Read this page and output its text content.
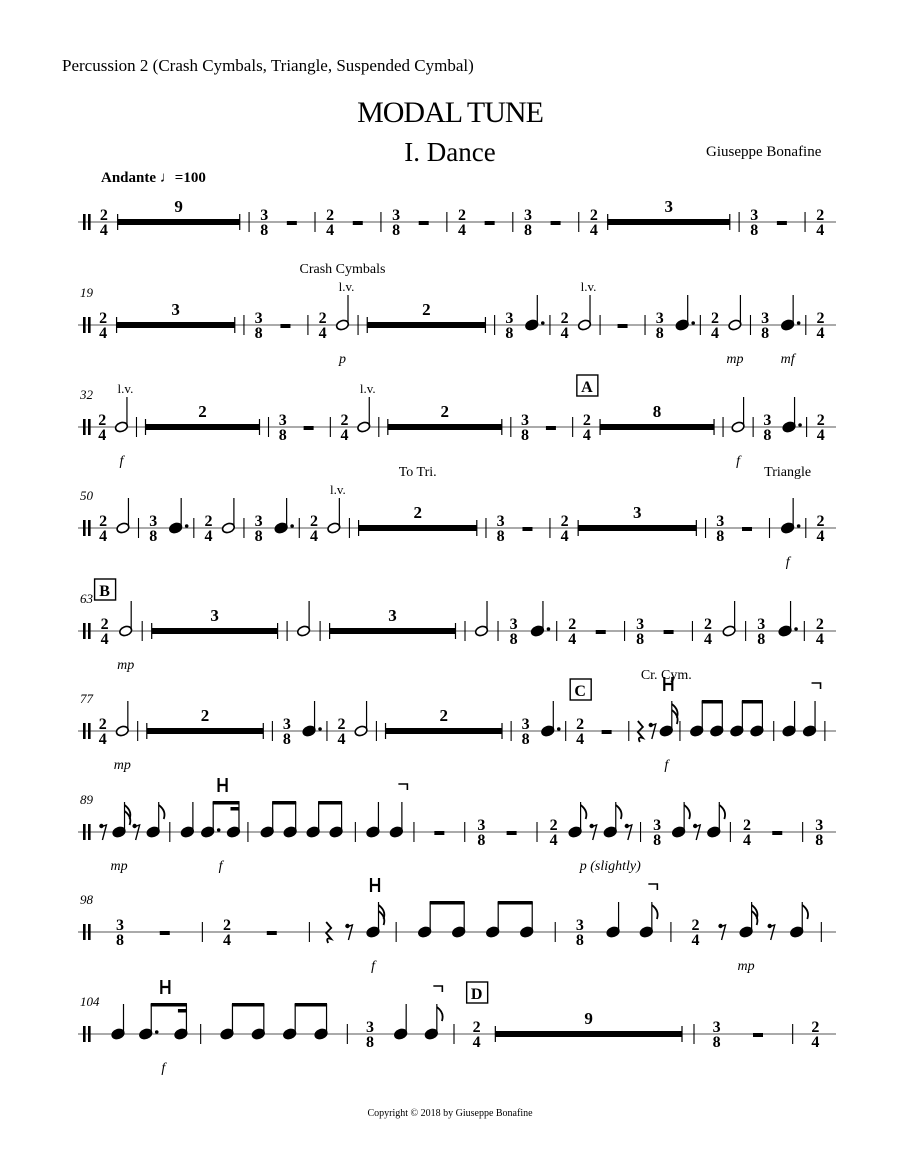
Percussion 2 (Crash Cymbals, Triangle, Suspended Cymbal)
MODAL TUNE
I. Dance	Giuseppe Bonafine
Andante ♩=100
2
4
9	3
8
2
4
3
8
2
4
3
8
2
4
3	3
8
2
4
19
2
4
3	3
8
2
4
l.v.
Crash Cymbals
p
2	3
8
2
4
l.v.
3
8
2
4
mp
3
8
mf
2
4
32
2
4
l.v.
f
2	3
8
2
4
l.v.
2	3
8
2
4
A
8
f
3
8
2
4
50
2
4
3
8
2
4
3
8
2
4
l.v.
2
To Tri.
3
8
2
4
3	3
8
Triangle
f
2
4
63
2
4
B
mp
3	3	3
8
2
4
3
8
2
4
3
8
2
4
77
2
4
mp
2	3
8
2
4
2	3
8
2
4
C
Cr. Cym.
f
89
mp	f
3
8
2
4
p (slightly)
3
8
2
4
3
8
98
3
8
2
4
f
3
8
2
4
mp
104
f
3
8
2
4
D
9	3
8
2
4
Copyright © 2018 by Giuseppe Bonafine
